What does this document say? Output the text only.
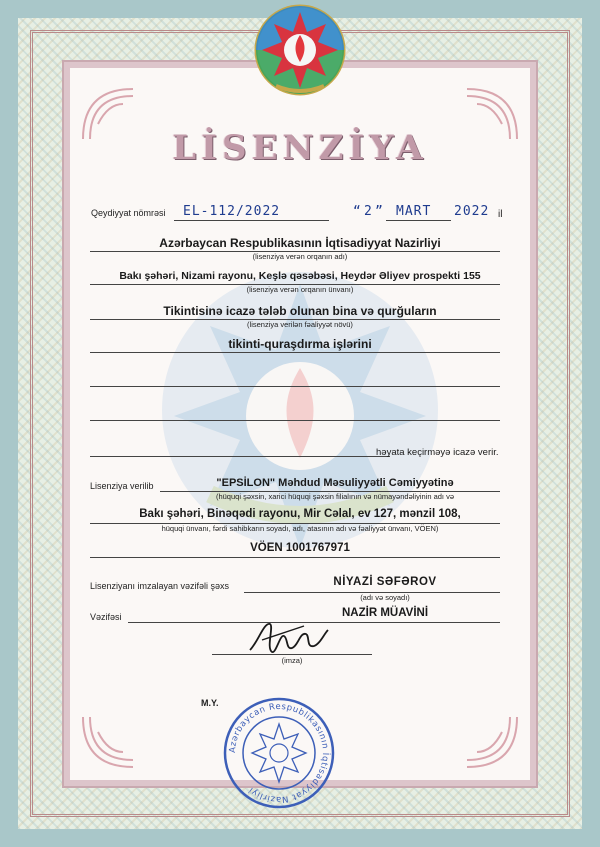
LİSENZİYA
Qeydiyyat nömrəsi EL-112/2022	“ 2 ” MART 2022 il
Azərbaycan Respublikasının İqtisadiyyat Nazirliyi
(lisenziya verən orqanın adı)
Bakı şəhəri, Nizami rayonu, Keşlə qəsəbəsi, Heydər Əliyev prospekti 155
(lisenziya verən orqanın ünvanı)
Tikintisinə icazə tələb olunan bina və qurğuların
(lisenziya verilən fəaliyyət növü)
tikinti-quraşdırma işlərini
həyata keçirməyə icazə verir.
Lisenziya verilib	"EPSİLON" Məhdud Məsuliyyətli Cəmiyyətinə
(hüquqi şəxsin, xarici hüquqi şəxsin filialının və nümayəndəliyinin adı və
Bakı şəhəri, Binəqədi rayonu, Mir Cəlal, ev 127, mənzil 108,
hüquqi ünvanı, fərdi sahibkarın soyadı, adı, atasının adı və fəaliyyət ünvanı, VÖEN)
VÖEN 1001767971
Lisenziyanı imzalayan vəzifəli şəxs	NİYAZİ SƏFƏROV
(adı və soyadı)
Vəzifəsi	NAZİR MÜAVİNİ
(imza)
M.Y.
Azərbaycan Respublikasının İqtisadiyyat Nazirliyi
